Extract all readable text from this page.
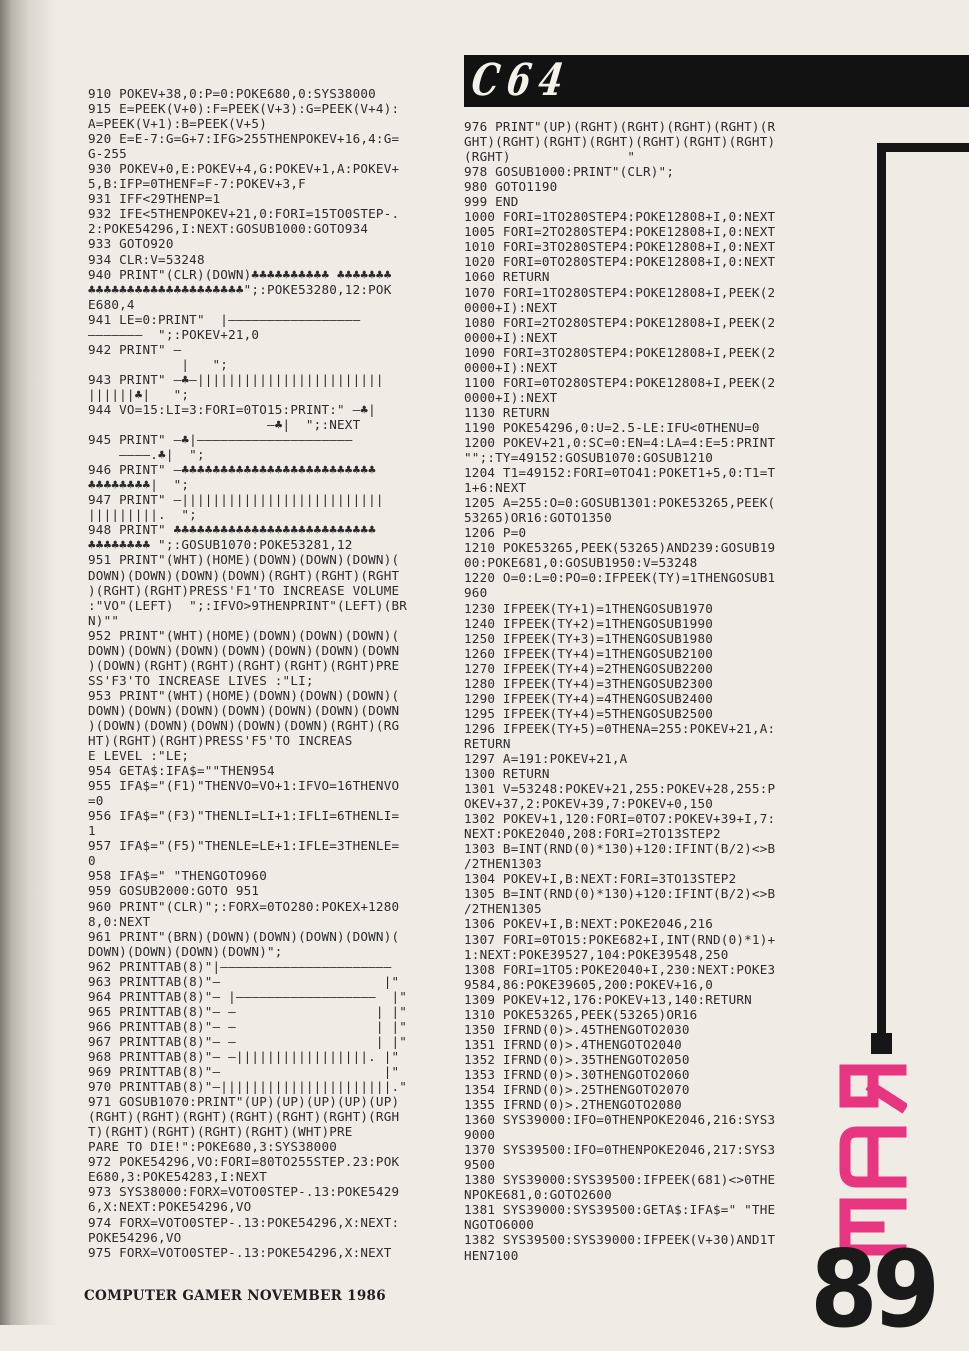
C64
910 POKEV+38,0:P=0:POKE680,0:SYS38000
915 E=PEEK(V+0):F=PEEK(V+3):G=PEEK(V+4):
A=PEEK(V+1):B=PEEK(V+5)
920 E=E-7:G=G+7:IFG>255THENPOKEV+16,4:G=
G-255
930 POKEV+0,E:POKEV+4,G:POKEV+1,A:POKEV+
5,B:IFP=0THENF=F-7:POKEV+3,F
931 IFF<29THENP=1
932 IFE<5THENPOKEV+21,0:FORI=15TO0STEP-.
2:POKE54296,I:NEXT:GOSUB1000:GOTO934
933 GOTO920
934 CLR:V=53248
940 PRINT"(CLR)(DOWN)♣♣♣♣♣♣♣♣♣♣ ♣♣♣♣♣♣♣
♣♣♣♣♣♣♣♣♣♣♣♣♣♣♣♣♣♣♣♣";:POKE53280,12:POK
E680,4
941 LE=0:PRINT"  |―――――――――――――――――
―――――――  ";:POKEV+21,0
942 PRINT" ―
|   ";
943 PRINT" ―♣―||||||||||||||||||||||||
||||||♣|   ";
944 VO=15:LI=3:FORI=0TO15:PRINT:" ―♣|
―♣|  ";:NEXT
945 PRINT" ―♣|――――――――――――――――――――
――――.♣|  ";
946 PRINT" ―♣♣♣♣♣♣♣♣♣♣♣♣♣♣♣♣♣♣♣♣♣♣♣♣♣
♣♣♣♣♣♣♣♣|  ";
947 PRINT" ―||||||||||||||||||||||||||
|||||||||.  ";
948 PRINT" ♣♣♣♣♣♣♣♣♣♣♣♣♣♣♣♣♣♣♣♣♣♣♣♣♣♣
♣♣♣♣♣♣♣♣ ";:GOSUB1070:POKE53281,12
951 PRINT"(WHT)(HOME)(DOWN)(DOWN)(DOWN)(
DOWN)(DOWN)(DOWN)(DOWN)(RGHT)(RGHT)(RGHT
)(RGHT)(RGHT)PRESS'F1'TO INCREASE VOLUME
:"VO"(LEFT)  ";:IFVO>9THENPRINT"(LEFT)(BR
N)""
952 PRINT"(WHT)(HOME)(DOWN)(DOWN)(DOWN)(
DOWN)(DOWN)(DOWN)(DOWN)(DOWN)(DOWN)(DOWN
)(DOWN)(RGHT)(RGHT)(RGHT)(RGHT)(RGHT)PRE
SS'F3'TO INCREASE LIVES :"LI;
953 PRINT"(WHT)(HOME)(DOWN)(DOWN)(DOWN)(
DOWN)(DOWN)(DOWN)(DOWN)(DOWN)(DOWN)(DOWN
)(DOWN)(DOWN)(DOWN)(DOWN)(DOWN)(RGHT)(RG
HT)(RGHT)(RGHT)PRESS'F5'TO INCREAS
E LEVEL :"LE;
954 GETA$:IFA$=""THEN954
955 IFA$="(F1)"THENVO=VO+1:IFVO=16THENVO
=0
956 IFA$="(F3)"THENLI=LI+1:IFLI=6THENLI=
1
957 IFA$="(F5)"THENLE=LE+1:IFLE=3THENLE=
0
958 IFA$=" "THENGOTO960
959 GOSUB2000:GOTO 951
960 PRINT"(CLR)";:FORX=0TO280:POKEX+1280
8,0:NEXT
961 PRINT"(BRN)(DOWN)(DOWN)(DOWN)(DOWN)(
DOWN)(DOWN)(DOWN)(DOWN)";
962 PRINTTAB(8)"|――――――――――――――――――――――
963 PRINTTAB(8)"―                     |"
964 PRINTTAB(8)"― |――――――――――――――――――  |"
965 PRINTTAB(8)"― ―                  | |"
966 PRINTTAB(8)"― ―                  | |"
967 PRINTTAB(8)"― ―                  | |"
968 PRINTTAB(8)"― ―|||||||||||||||||. |"
969 PRINTTAB(8)"―                     |"
970 PRINTTAB(8)"―||||||||||||||||||||||."
971 GOSUB1070:PRINT"(UP)(UP)(UP)(UP)(UP)
(RGHT)(RGHT)(RGHT)(RGHT)(RGHT)(RGHT)(RGH
T)(RGHT)(RGHT)(RGHT)(RGHT)(WHT)PRE
PARE TO DIE!":POKE680,3:SYS38000
972 POKE54296,VO:FORI=80TO255STEP.23:POK
E680,3:POKE54283,I:NEXT
973 SYS38000:FORX=VOTO0STEP-.13:POKE5429
6,X:NEXT:POKE54296,VO
974 FORX=VOTO0STEP-.13:POKE54296,X:NEXT:
POKE54296,VO
975 FORX=VOTO0STEP-.13:POKE54296,X:NEXT
976 PRINT"(UP)(RGHT)(RGHT)(RGHT)(RGHT)(R
GHT)(RGHT)(RGHT)(RGHT)(RGHT)(RGHT)(RGHT)
(RGHT)               "
978 GOSUB1000:PRINT"(CLR)";
980 GOTO1190
999 END
1000 FORI=1TO280STEP4:POKE12808+I,0:NEXT
1005 FORI=2TO280STEP4:POKE12808+I,0:NEXT
1010 FORI=3TO280STEP4:POKE12808+I,0:NEXT
1020 FORI=0TO280STEP4:POKE12808+I,0:NEXT
1060 RETURN
1070 FORI=1TO280STEP4:POKE12808+I,PEEK(2
0000+I):NEXT
1080 FORI=2TO280STEP4:POKE12808+I,PEEK(2
0000+I):NEXT
1090 FORI=3TO280STEP4:POKE12808+I,PEEK(2
0000+I):NEXT
1100 FORI=0TO280STEP4:POKE12808+I,PEEK(2
0000+I):NEXT
1130 RETURN
1190 POKE54296,0:U=2.5-LE:IFU<0THENU=0
1200 POKEV+21,0:SC=0:EN=4:LA=4:E=5:PRINT
"";:TY=49152:GOSUB1070:GOSUB1210
1204 T1=49152:FORI=0TO41:POKET1+5,0:T1=T
1+6:NEXT
1205 A=255:O=0:GOSUB1301:POKE53265,PEEK(
53265)OR16:GOTO1350
1206 P=0
1210 POKE53265,PEEK(53265)AND239:GOSUB19
00:POKE681,0:GOSUB1950:V=53248
1220 O=0:L=0:PO=0:IFPEEK(TY)=1THENGOSUB1
960
1230 IFPEEK(TY+1)=1THENGOSUB1970
1240 IFPEEK(TY+2)=1THENGOSUB1990
1250 IFPEEK(TY+3)=1THENGOSUB1980
1260 IFPEEK(TY+4)=1THENGOSUB2100
1270 IFPEEK(TY+4)=2THENGOSUB2200
1280 IFPEEK(TY+4)=3THENGOSUB2300
1290 IFPEEK(TY+4)=4THENGOSUB2400
1295 IFPEEK(TY+4)=5THENGOSUB2500
1296 IFPEEK(TY+5)=0THENA=255:POKEV+21,A:
RETURN
1297 A=191:POKEV+21,A
1300 RETURN
1301 V=53248:POKEV+21,255:POKEV+28,255:P
OKEV+37,2:POKEV+39,7:POKEV+0,150
1302 POKEV+1,120:FORI=0TO7:POKEV+39+I,7:
NEXT:POKE2040,208:FORI=2TO13STEP2
1303 B=INT(RND(0)*130)+120:IFINT(B/2)<>B
/2THEN1303
1304 POKEV+I,B:NEXT:FORI=3TO13STEP2
1305 B=INT(RND(0)*130)+120:IFINT(B/2)<>B
/2THEN1305
1306 POKEV+I,B:NEXT:POKE2046,216
1307 FORI=0TO15:POKE682+I,INT(RND(0)*1)+
1:NEXT:POKE39527,104:POKE39548,250
1308 FORI=1TO5:POKE2040+I,230:NEXT:POKE3
9584,86:POKE39605,200:POKEV+16,0
1309 POKEV+12,176:POKEV+13,140:RETURN
1310 POKE53265,PEEK(53265)OR16
1350 IFRND(0)>.45THENGOTO2030
1351 IFRND(0)>.4THENGOTO2040
1352 IFRND(0)>.35THENGOTO2050
1353 IFRND(0)>.30THENGOTO2060
1354 IFRND(0)>.25THENGOTO2070
1355 IFRND(0)>.2THENGOTO2080
1360 SYS39000:IFO=0THENPOKE2046,216:SYS3
9000
1370 SYS39500:IFO=0THENPOKE2046,217:SYS3
9500
1380 SYS39000:SYS39500:IFPEEK(681)<>0THE
NPOKE681,0:GOTO2600
1381 SYS39000:SYS39500:GETA$:IFA$=" "THE
NGOTO6000
1382 SYS39500:SYS39000:IFPEEK(V+30)AND1T
HEN7100	89
COMPUTER GAMER NOVEMBER 1986
